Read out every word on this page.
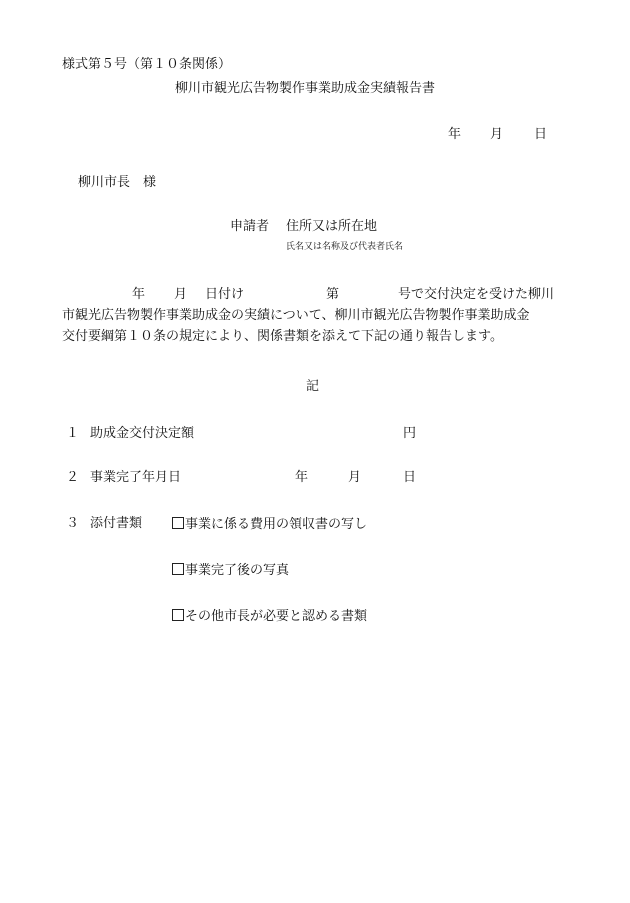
様式第５号（第１０条関係）
柳川市観光広告物製作事業助成金実績報告書
年 月 日
柳川市長　様
申請者 住所又は所在地
氏名又は名称及び代表者氏名
年 月 日付け	第	号で交付決定を受けた柳川
市観光広告物製作事業助成金の実績について、柳川市観光広告物製作事業助成金
交付要綱第１０条の規定により、関係書類を添えて下記の通り報告します。
記
１ 助成金交付決定額	円
２ 事業完了年月日	年	月	日
３ 添付書類	事業に係る費用の領収書の写し
事業完了後の写真
その他市長が必要と認める書類
